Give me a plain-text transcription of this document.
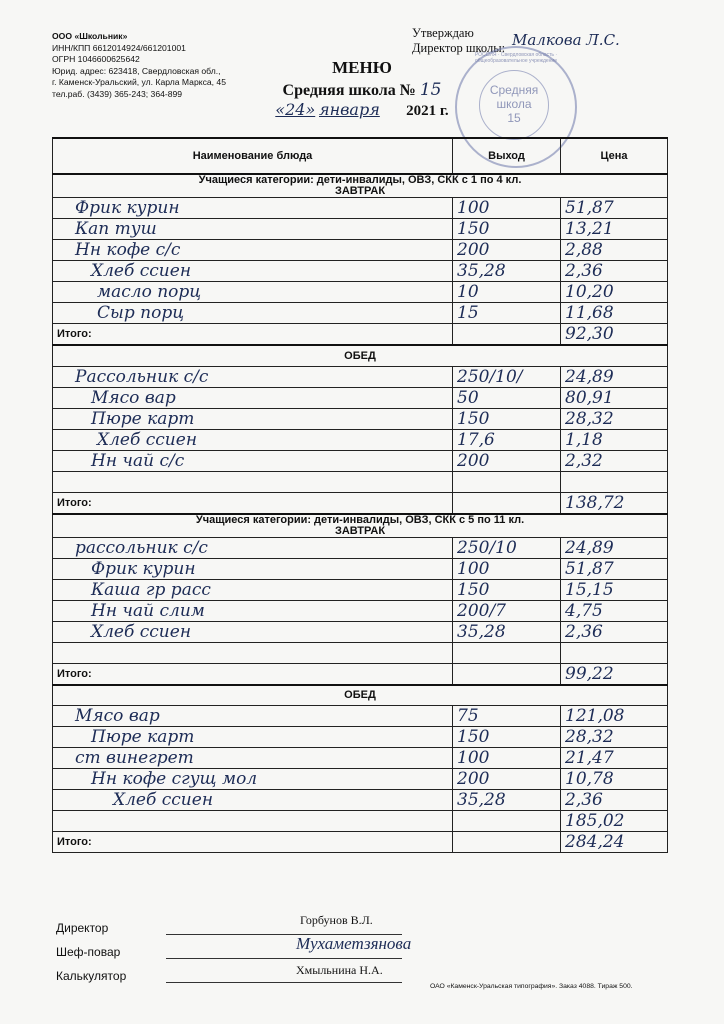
ООО «Школьник»
ИНН/КПП 6612014924/661201001
ОГРН 1046600625642
Юрид. адрес: 623418, Свердловская обл.,
г. Каменск-Уральский, ул. Карла Маркса, 45
тел.раб. (3439) 365-243; 364-899
Утверждаю
Директор школы: Малкова Л.С.
РОССИЯ · Свердловская область · общеобразовательное учреждение
Средняя
школа
15
МЕНЮ
Средняя школа № 15
«24» января 2021 г.
Наименование блюда	Выход	Цена

Учащиеся категории: дети-инвалиды, ОВЗ, СКК с 1 по 4 кл.
ЗАВТРАК		

Фрик курин	100	51,87
Кап туш	150	13,21
Нн кофе с/с	200	2,88
Хлеб ссиен	35,28	2,36
масло порц	10	10,20
Сыр порц	15	11,68
Итого:		92,30
ОБЕД		
Рассольник с/с	250/10/	24,89
Мясо вар	50	80,91
Пюре карт	150	28,32
Хлеб ссиен	17,6	1,18
Нн чай с/с	200	2,32

Итого:		138,72

Учащиеся категории: дети-инвалиды, ОВЗ, СКК с 5 по 11 кл.
ЗАВТРАК		

рассольник с/с	250/10	24,89
Фрик курин	100	51,87
Каша гр расс	150	15,15
Нн чай слим	200/7	4,75
Хлеб ссиен	35,28	2,36

Итого:		99,22
ОБЕД		
Мясо вар	75	121,08
Пюре карт	150	28,32
ст винегрет	100	21,47
Нн кофе сгущ мол	200	10,78
Хлеб ссиен	35,28	2,36
		185,02
Итого:		284,24
Директор
Горбунов В.Л.
Шеф-повар	Мухаметзянова
Калькулятор	Хмыльнина Н.А.
ОАО «Каменск-Уральская типография». Заказ 4088. Тираж 500.
